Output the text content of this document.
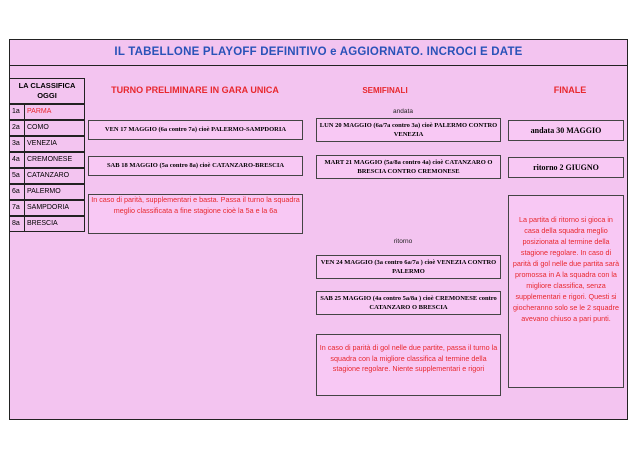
IL TABELLONE PLAYOFF DEFINITIVO e AGGIORNATO. INCROCI E DATE
LA CLASSIFICA OGGI
1a PARMA
2a COMO
3a VENEZIA
4a CREMONESE
5a CATANZARO
6a PALERMO
7a SAMPDORIA
8a BRESCIA
TURNO PRELIMINARE IN GARA UNICA	SEMIFINALI	FINALE
VEN 17 MAGGIO (6a contro 7a) cioè PALERMO-SAMPDORIA
SAB 18 MAGGIO (5a contro 8a) cioè CATANZARO-BRESCIA
In caso di parità, supplementari e basta. Passa il turno la squadra meglio classificata a fine stagione cioè la 5a e la 6a
andata
LUN 20 MAGGIO (6a/7a contro 3a) cioè PALERMO CONTRO VENEZIA
MART 21 MAGGIO (5a/8a contro 4a) cioè CATANZARO O BRESCIA CONTRO CREMONESE
ritorno
VEN 24 MAGGIO (3a contro 6a/7a ) cioè VENEZIA CONTRO PALERMO
SAB 25 MAGGIO (4a contro 5a/8a ) cioè CREMONESE contro CATANZARO O BRESCIA
In caso di parità di gol nelle due partite, passa il turno la squadra con la migliore classifica al termine della stagione regolare. Niente supplementari e rigori
andata 30 MAGGIO
ritorno 2 GIUGNO
La partita di ritorno si gioca in casa della squadra meglio posizionata al termine della stagione regolare. In caso di parità di gol nelle due partita sarà promossa in A la squadra con la migliore classifica, senza supplementari e rigori. Questi si giocheranno solo se le 2 squadre avevano chiuso a pari punti.
